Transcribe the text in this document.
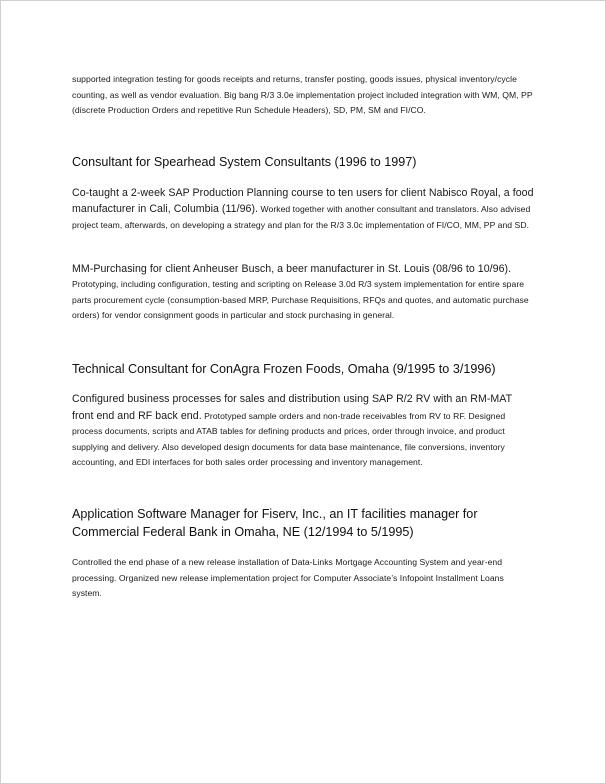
supported integration testing for goods receipts and returns, transfer posting, goods issues, physical inventory/cycle counting, as well as vendor evaluation. Big bang R/3 3.0e implementation project included integration with WM, QM, PP (discrete Production Orders and repetitive Run Schedule Headers), SD, PM, SM and FI/CO.

Consultant for Spearhead System Consultants (1996 to 1997)

Co-taught a 2-week SAP Production Planning course to ten users for client Nabisco Royal, a food manufacturer in Cali, Columbia (11/96). Worked together with another consultant and translators. Also advised project team, afterwards, on developing a strategy and plan for the R/3 3.0c implementation of FI/CO, MM, PP and SD.

MM-Purchasing for client Anheuser Busch, a beer manufacturer in St. Louis (08/96 to 10/96). Prototyping, including configuration, testing and scripting on Release 3.0d R/3 system implementation for entire spare parts procurement cycle (consumption-based MRP, Purchase Requisitions, RFQs and quotes, and automatic purchase orders) for vendor consignment goods in particular and stock purchasing in general.

Technical Consultant for ConAgra Frozen Foods, Omaha (9/1995 to 3/1996)

Configured business processes for sales and distribution using SAP R/2 RV with an RM-MAT front end and RF back end. Prototyped sample orders and non-trade receivables from RV to RF. Designed process documents, scripts and ATAB tables for defining products and prices, order through invoice, and product supplying and delivery. Also developed design documents for data base maintenance, file conversions, inventory accounting, and EDI interfaces for both sales order processing and inventory management.

Application Software Manager for Fiserv, Inc., an IT facilities manager for Commercial Federal Bank in Omaha, NE (12/1994 to 5/1995)

Controlled the end phase of a new release installation of Data-Links Mortgage Accounting System and year-end processing. Organized new release implementation project for Computer Associate’s Infopoint Installment Loans system.
